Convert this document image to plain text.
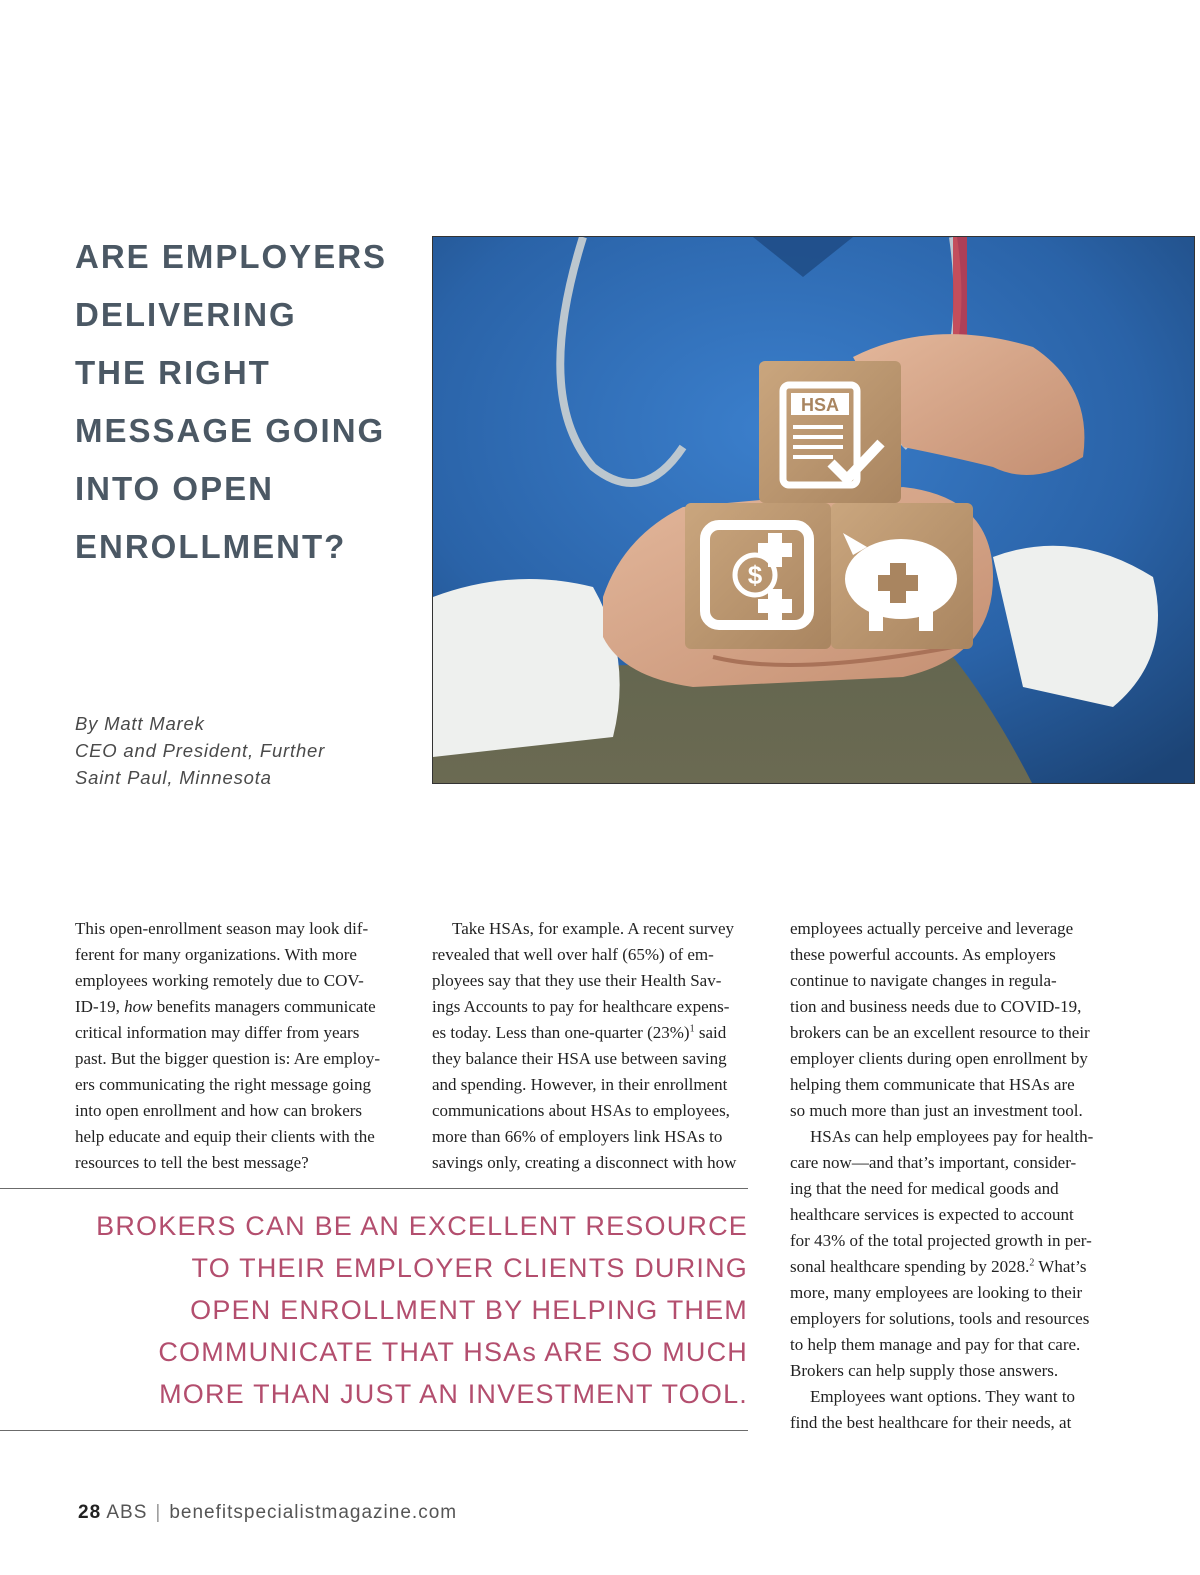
ARE EMPLOYERS
DELIVERING
THE RIGHT
MESSAGE GOING
INTO OPEN
ENROLLMENT?
By Matt Marek
CEO and President, Further
Saint Paul, Minnesota
HSA
$

This open-enrollment season may look dif-
ferent for many organizations. With more
employees working remotely due to COV-
ID-19, how benefits managers communicate
critical information may differ from years
past. But the bigger question is: Are employ-
ers communicating the right message going
into open enrollment and how can brokers
help educate and equip their clients with the
resources to tell the best message?

Take HSAs, for example. A recent survey
revealed that well over half (65%) of em-
ployees say that they use their Health Sav-
ings Accounts to pay for healthcare expens-
es today. Less than one-quarter $(23\%)^1$ said
they balance their HSA use between saving
and spending. However, in their enrollment
communications about HSAs to employees,
more than 66% of employers link HSAs to
savings only, creating a disconnect with how

employees actually perceive and leverage
these powerful accounts. As employers
continue to navigate changes in regula-
tion and business needs due to COVID-19,
brokers can be an excellent resource to their
employer clients during open enrollment by
helping them communicate that HSAs are
so much more than just an investment tool.

HSAs can help employees pay for health-
care now—and that’s important, consider-
ing that the need for medical goods and
healthcare services is expected to account
for 43% of the total projected growth in per-
sonal healthcare spending by 2028.$^2$ What’s
more, many employees are looking to their
employers for solutions, tools and resources
to help them manage and pay for that care.
Brokers can help supply those answers.

Employees want options. They want to
find the best healthcare for their needs, at

BROKERS CAN BE AN EXCELLENT RESOURCE
TO THEIR EMPLOYER CLIENTS DURING
OPEN ENROLLMENT BY HELPING THEM
COMMUNICATE THAT HSAs ARE SO MUCH
MORE THAN JUST AN INVESTMENT TOOL.
28 ABS | benefitspecialistmagazine.com
